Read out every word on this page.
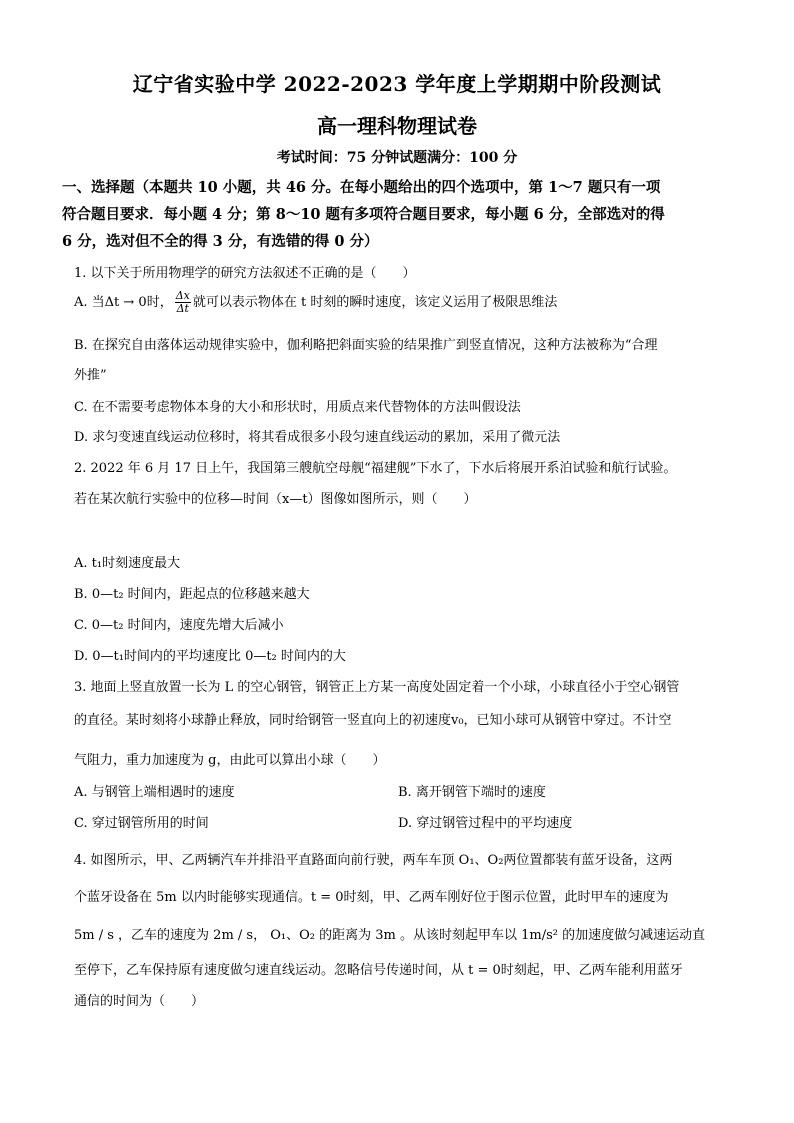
辽宁省实验中学 2022-2023 学年度上学期期中阶段测试
高一理科物理试卷
考试时间：75 分钟试题满分：100 分
一、选择题（本题共 10 小题，共 46 分。在每小题给出的四个选项中，第 1～7 题只有一项
符合题目要求．每小题 4 分；第 8～10 题有多项符合题目要求，每小题 6 分，全部选对的得
6 分，选对但不全的得 3 分，有选错的得 0 分）
1. 以下关于所用物理学的研究方法叙述不正确的是（　　）
A. 当Δt → 0时， $\frac{\Delta x}{\Delta t}$ 就可以表示物体在 t 时刻的瞬时速度，该定义运用了极限思维法
B. 在探究自由落体运动规律实验中，伽利略把斜面实验的结果推广到竖直情况，这种方法被称为“合理
外推”
C. 在不需要考虑物体本身的大小和形状时，用质点来代替物体的方法叫假设法
D. 求匀变速直线运动位移时，将其看成很多小段匀速直线运动的累加，采用了微元法
2. 2022 年 6 月 17 日上午，我国第三艘航空母舰“福建舰”下水了，下水后将展开系泊试验和航行试验。
若在某次航行实验中的位移—时间（x—t）图像如图所示，则（　　）
A. t₁时刻速度最大
B. 0—t₂ 时间内，距起点的位移越来越大
C. 0—t₂ 时间内，速度先增大后减小
D. 0—t₁时间内的平均速度比 0—t₂ 时间内的大
3. 地面上竖直放置一长为 L 的空心钢管，钢管正上方某一高度处固定着一个小球，小球直径小于空心钢管
的直径。某时刻将小球静止释放，同时给钢管一竖直向上的初速度v₀，已知小球可从钢管中穿过。不计空
气阻力，重力加速度为 g，由此可以算出小球（　　）
A. 与钢管上端相遇时的速度	B. 离开钢管下端时的速度
C. 穿过钢管所用的时间	D. 穿过钢管过程中的平均速度
4. 如图所示，甲、乙两辆汽车并排沿平直路面向前行驶，两车车顶 O₁、O₂两位置都装有蓝牙设备，这两
个蓝牙设备在 5m 以内时能够实现通信。t = 0时刻，甲、乙两车刚好位于图示位置，此时甲车的速度为
5m / s ，乙车的速度为 2m / s， O₁、O₂ 的距离为 3m 。从该时刻起甲车以 1m/s² 的加速度做匀减速运动直
至停下，乙车保持原有速度做匀速直线运动。忽略信号传递时间，从 t = 0时刻起，甲、乙两车能利用蓝牙
通信的时间为（　　）
